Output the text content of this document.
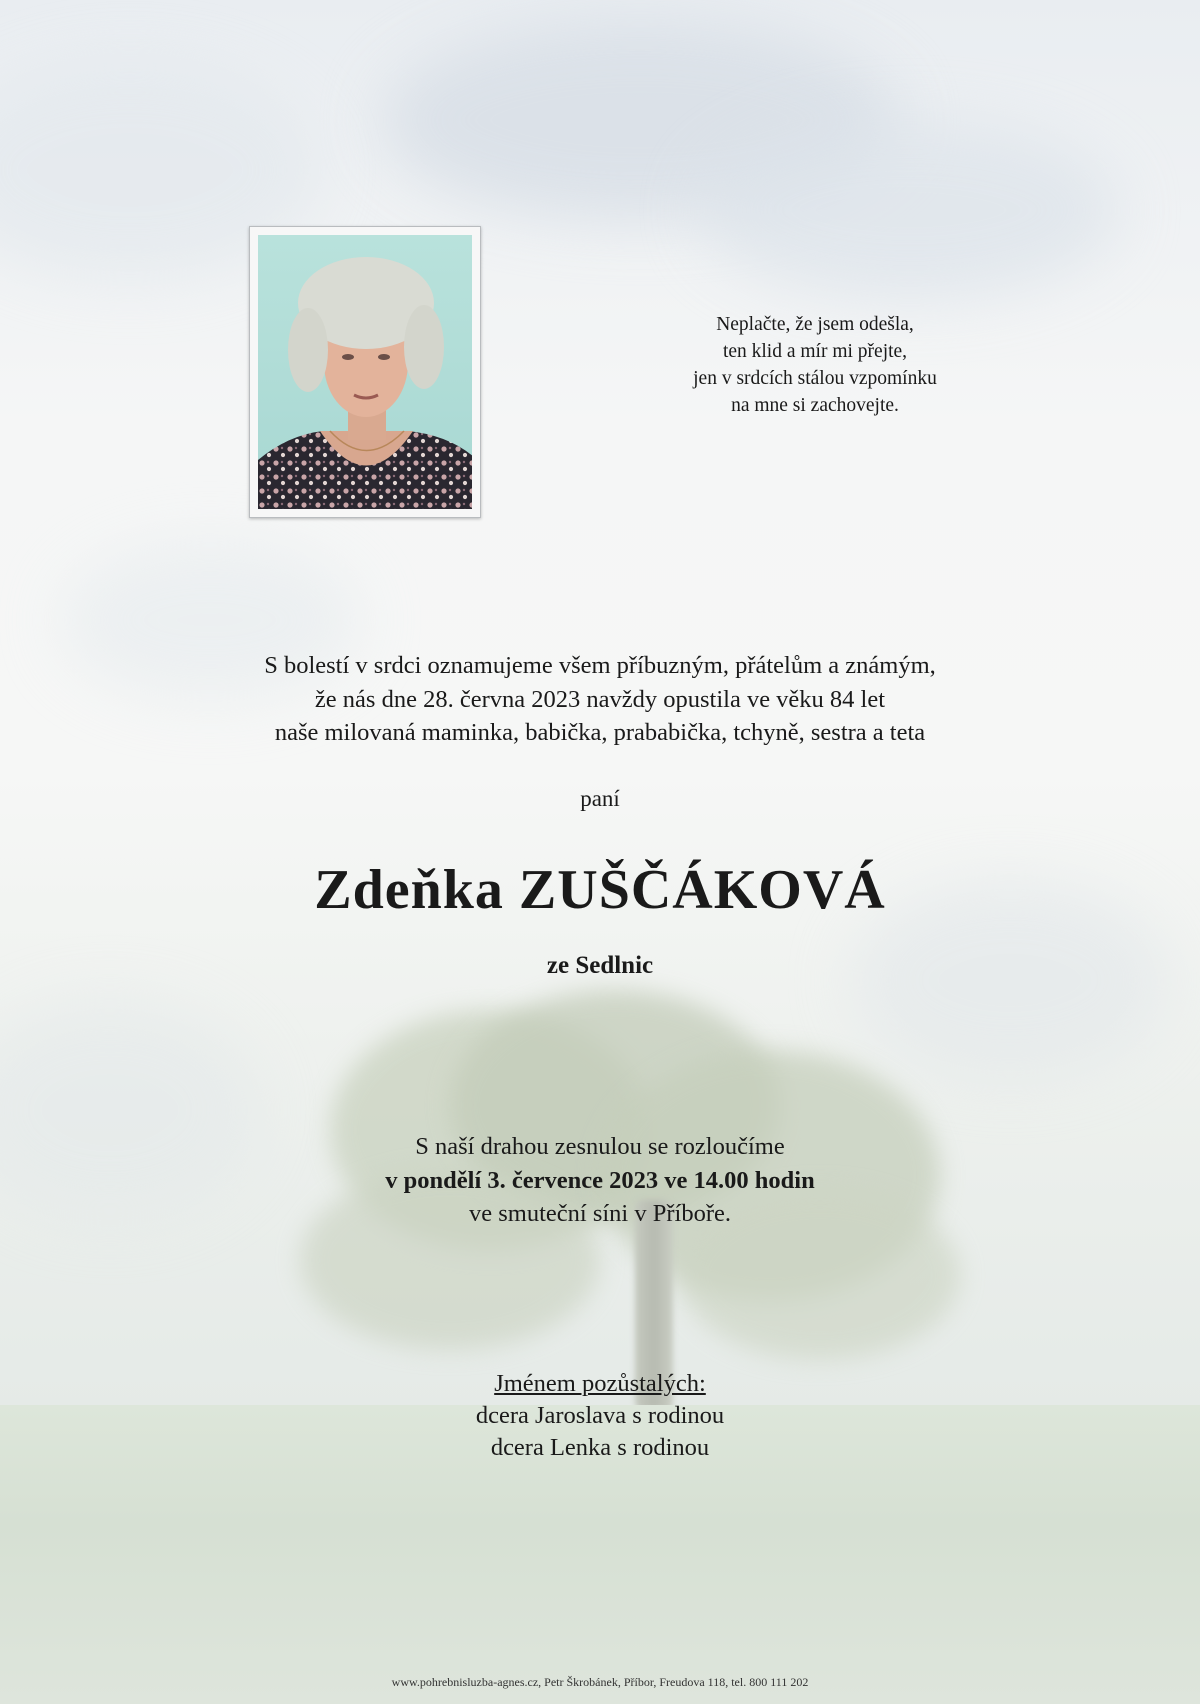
Neplačte, že jsem odešla,
ten klid a mír mi přejte,
jen v srdcích stálou vzpomínku
na mne si zachovejte.
S bolestí v srdci oznamujeme všem příbuzným, přátelům a známým,
že nás dne 28. června 2023 navždy opustila ve věku 84 let
naše milovaná maminka, babička, prababička, tchyně, sestra a teta
paní
Zdeňka ZUŠČÁKOVÁ
ze Sedlnic
S naší drahou zesnulou se rozloučíme
v pondělí 3. července 2023 ve 14.00 hodin
ve smuteční síni v Příboře.
Jménem pozůstalých:
dcera Jaroslava s rodinou
dcera Lenka s rodinou
www.pohrebnisluzba-agnes.cz, Petr Škrobánek, Příbor, Freudova 118, tel. 800 111 202
